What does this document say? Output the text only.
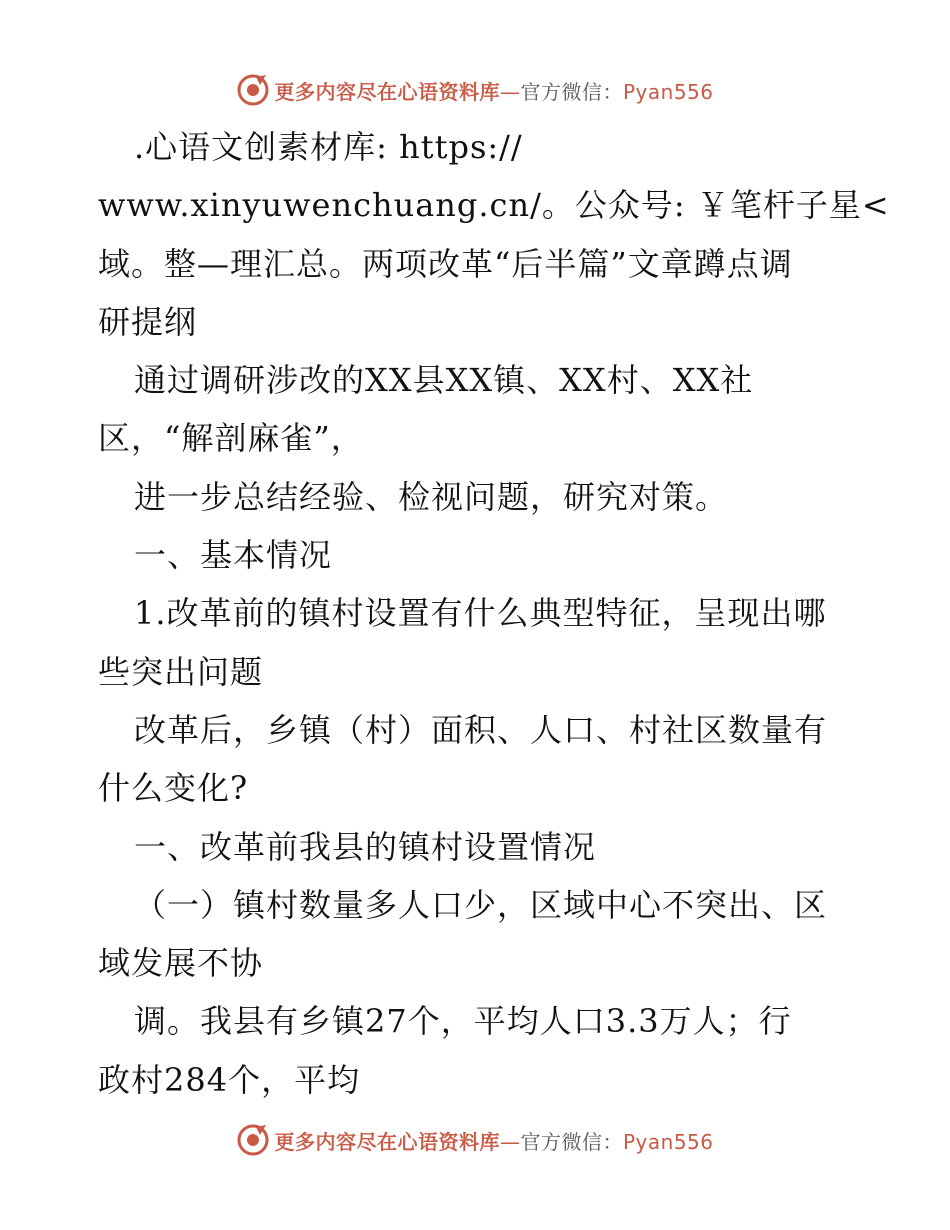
更多内容尽在心语资料库—官方微信：Pyan556
.心语文创素材库: https://
www.xinyuwenchuang.cn/。公众号: ￥笔杆子星<
域。整—理汇总。两项改革“后半篇”文章蹲点调
研提纲
通过调研涉改的XX县XX镇、XX村、XX社
区，“解剖麻雀”，
进一步总结经验、检视问题，研究对策。
一、基本情况
1.改革前的镇村设置有什么典型特征，呈现出哪
些突出问题
改革后，乡镇（村）面积、人口、村社区数量有
什么变化?
一、改革前我县的镇村设置情况
（一）镇村数量多人口少，区域中心不突出、区
域发展不协
调。我县有乡镇27个，平均人口3.3万人；行
政村284个，平均
更多内容尽在心语资料库—官方微信：Pyan556
